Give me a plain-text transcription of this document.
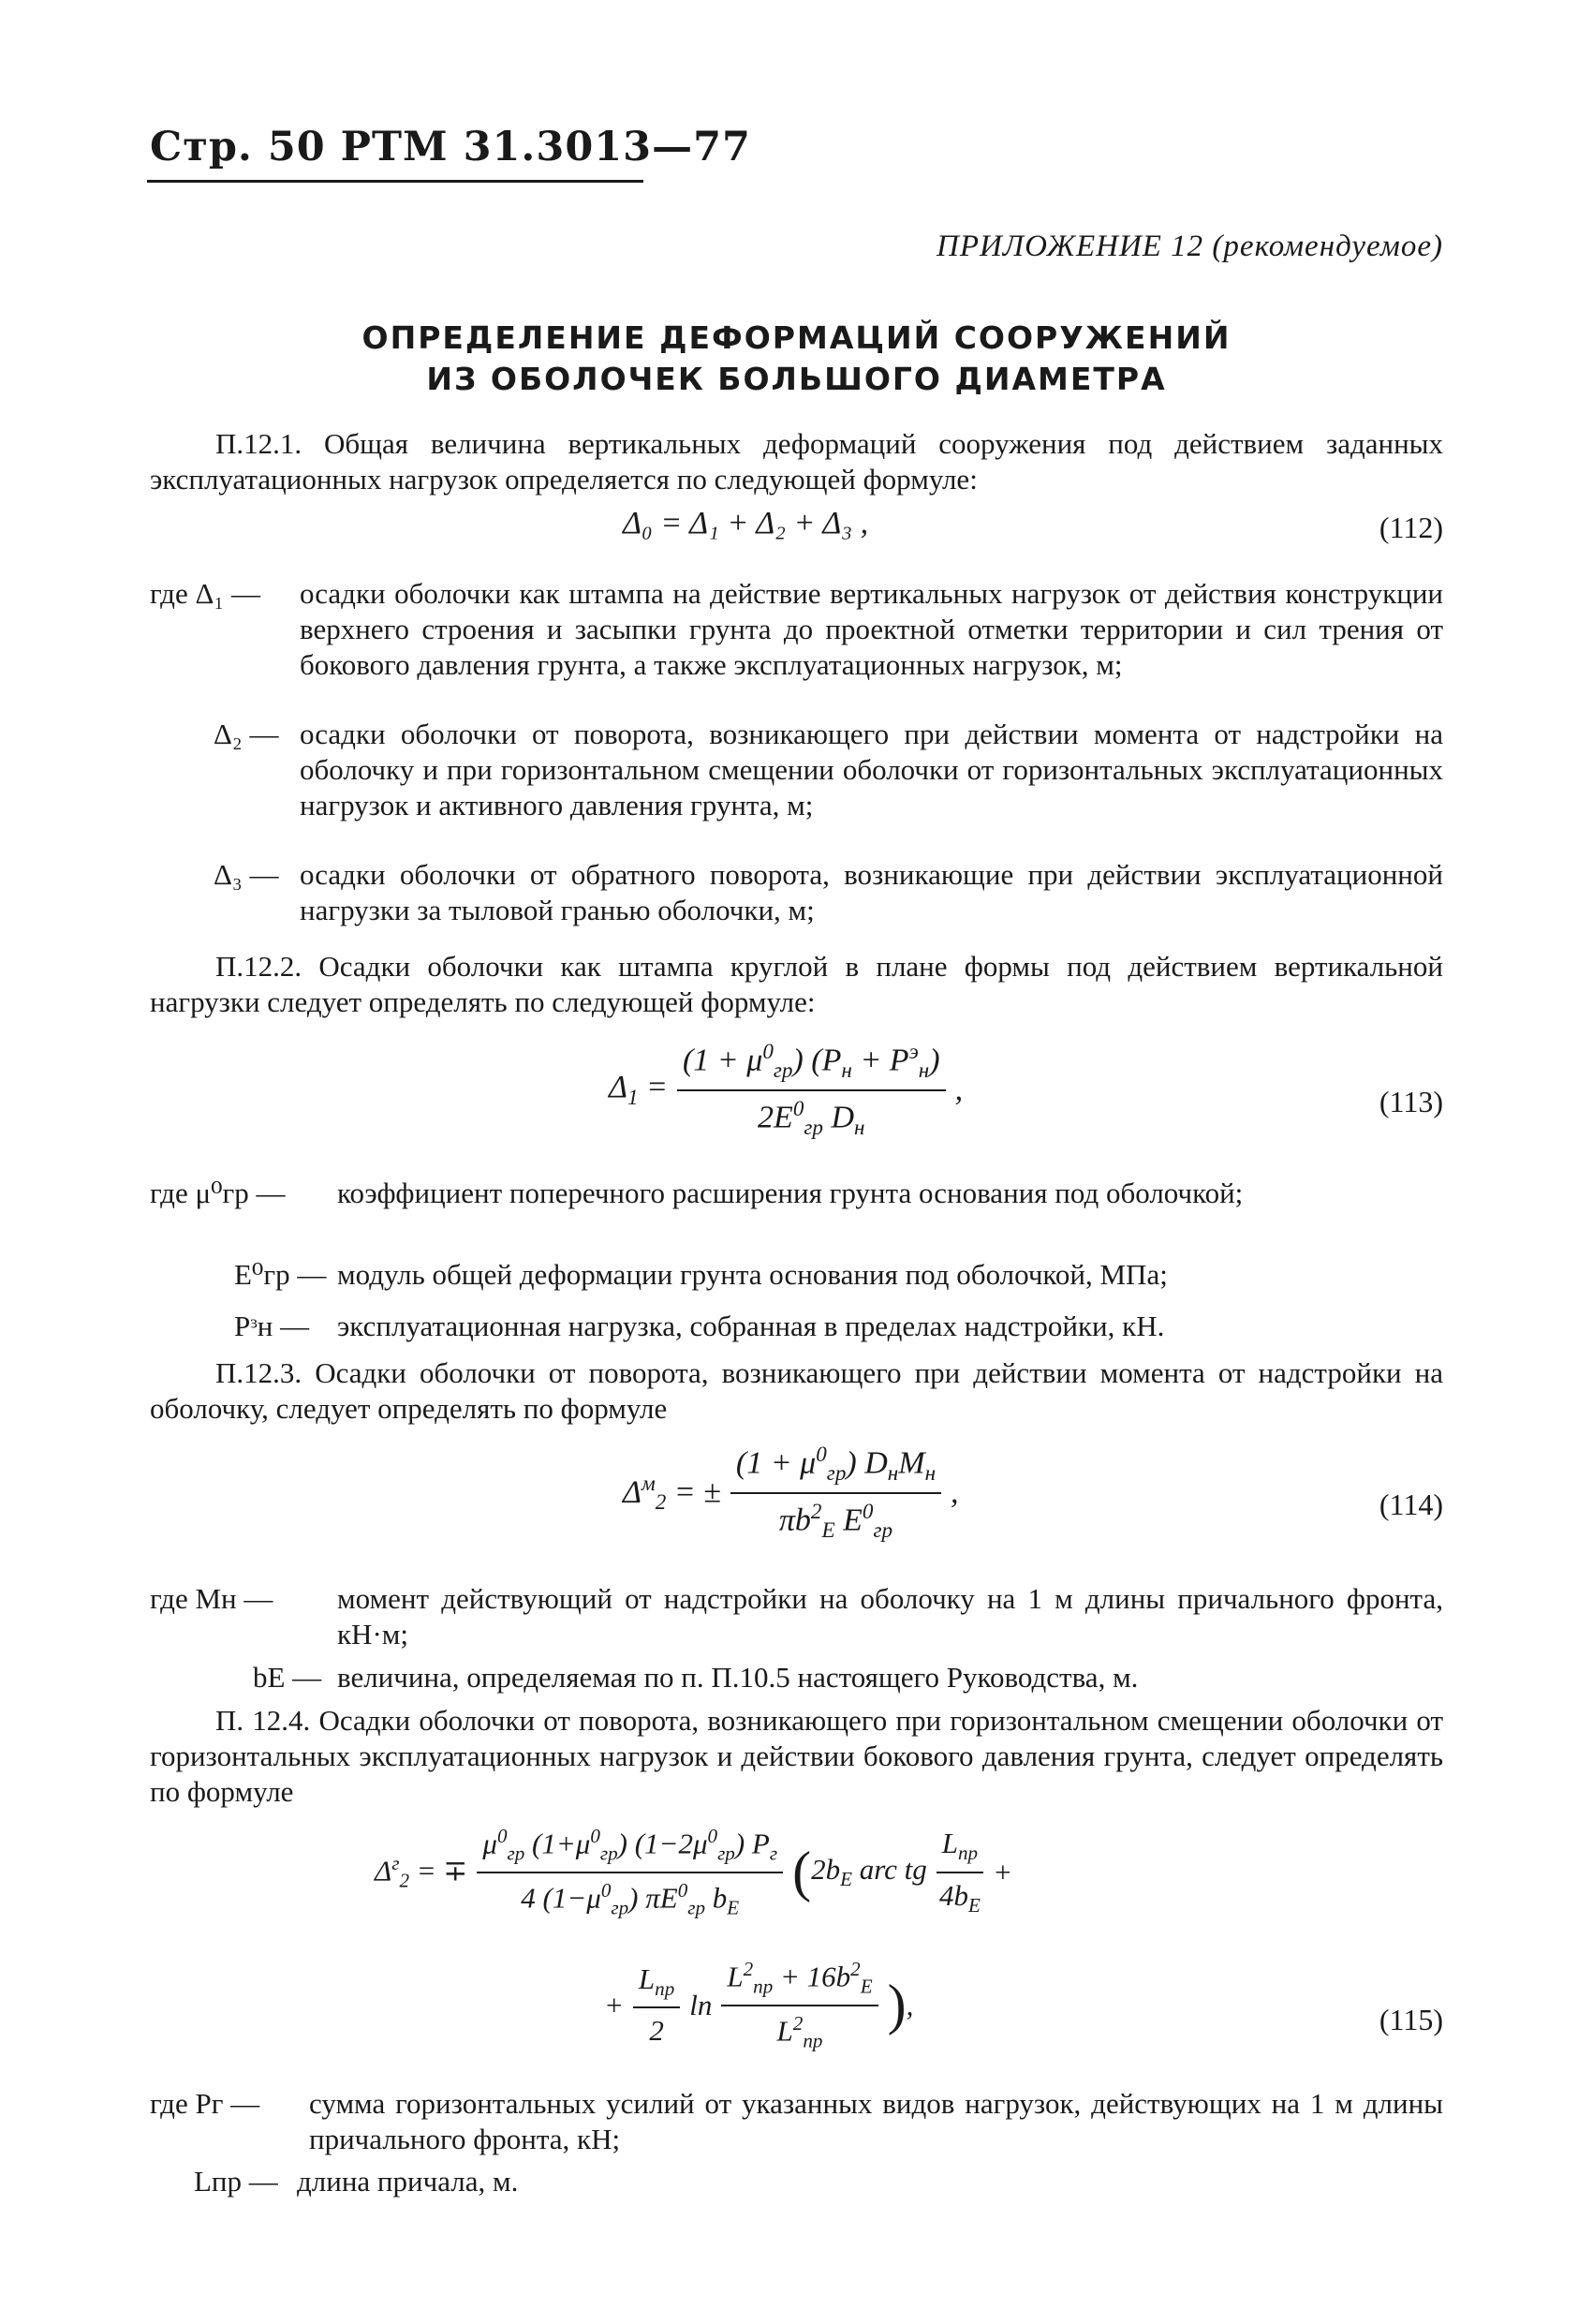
Стр. 50 РТМ 31.3013—77
ПРИЛОЖЕНИЕ 12 (рекомендуемое)
ОПРЕДЕЛЕНИЕ ДЕФОРМАЦИЙ СООРУЖЕНИЙ
ИЗ ОБОЛОЧЕК БОЛЬШОГО ДИАМЕТРА
П.12.1. Общая величина вертикальных деформаций сооружения под действием заданных эксплуатационных нагрузок определяется по следующей формуле:
Δ₀ = Δ₁ + Δ₂ + Δ₃ ,	(112)
где Δ₁ — осадки оболочки как штампа на действие вертикальных нагрузок от действия конструкции верхнего строения и засыпки грунта до проектной отметки территории и сил трения от бокового давления грунта, а также эксплуатационных нагрузок, м;
Δ₂ — осадки оболочки от поворота, возникающего при действии момента от надстройки на оболочку и при горизонтальном смещении оболочки от горизонтальных эксплуатационных нагрузок и активного давления грунта, м;
Δ₃ — осадки оболочки от обратного поворота, возникающие при действии эксплуатационной нагрузки за тыловой гранью оболочки, м;
П.12.2. Осадки оболочки как штампа круглой в плане формы под действием вертикальной нагрузки следует определять по следующей формуле:
$\Delta_1 = \frac{(1 + \mu^0_{гр}) (P_н + P^э_н)}{2E^0_{гр} D_н}$ ,	(113)
где μ⁰гр — коэффициент поперечного расширения грунта основания под оболочкой;
E⁰гр — модуль общей деформации грунта основания под оболочкой, МПа;
Pᵌн — эксплуатационная нагрузка, собранная в пределах надстройки, кН.
П.12.3. Осадки оболочки от поворота, возникающего при действии момента от надстройки на оболочку, следует определять по формуле
$\Delta^м_2$ = ± $\frac{(1 + \mu^0_{гр}) D_нM_н}{\pi b^2_E E^0_{гр}}$ ,	(114)
где Mн — момент действующий от надстройки на оболочку на 1 м длины причального фронта, кН·м;
bE — величина, определяемая по п. П.10.5 настоящего Руководства, м.
П. 12.4. Осадки оболочки от поворота, возникающего при горизонтальном смещении оболочки от горизонтальных эксплуатационных нагрузок и действии бокового давления грунта, следует определять по формуле
$\Delta^г_2$ = ∓ $\frac{\mu^0_{гр} (1+\mu^0_{гр}) (1-2\mu^0_{гр}) P_г}{4 (1-\mu^0_{гр}) \pi E^0_{гр} b_E}$ ( $2b_E$ arc tg $\frac{L_{пр}}{4b_E}$ +
+ $\frac{L_{пр}}{2}$ $\ln \frac{L^2_{пр} + 16b^2_E}{L^2_{пр}}$ ) ,	(115)
где Pг — сумма горизонтальных усилий от указанных видов нагрузок, действующих на 1 м длины причального фронта, кН;
Lпр — длина причала, м.
